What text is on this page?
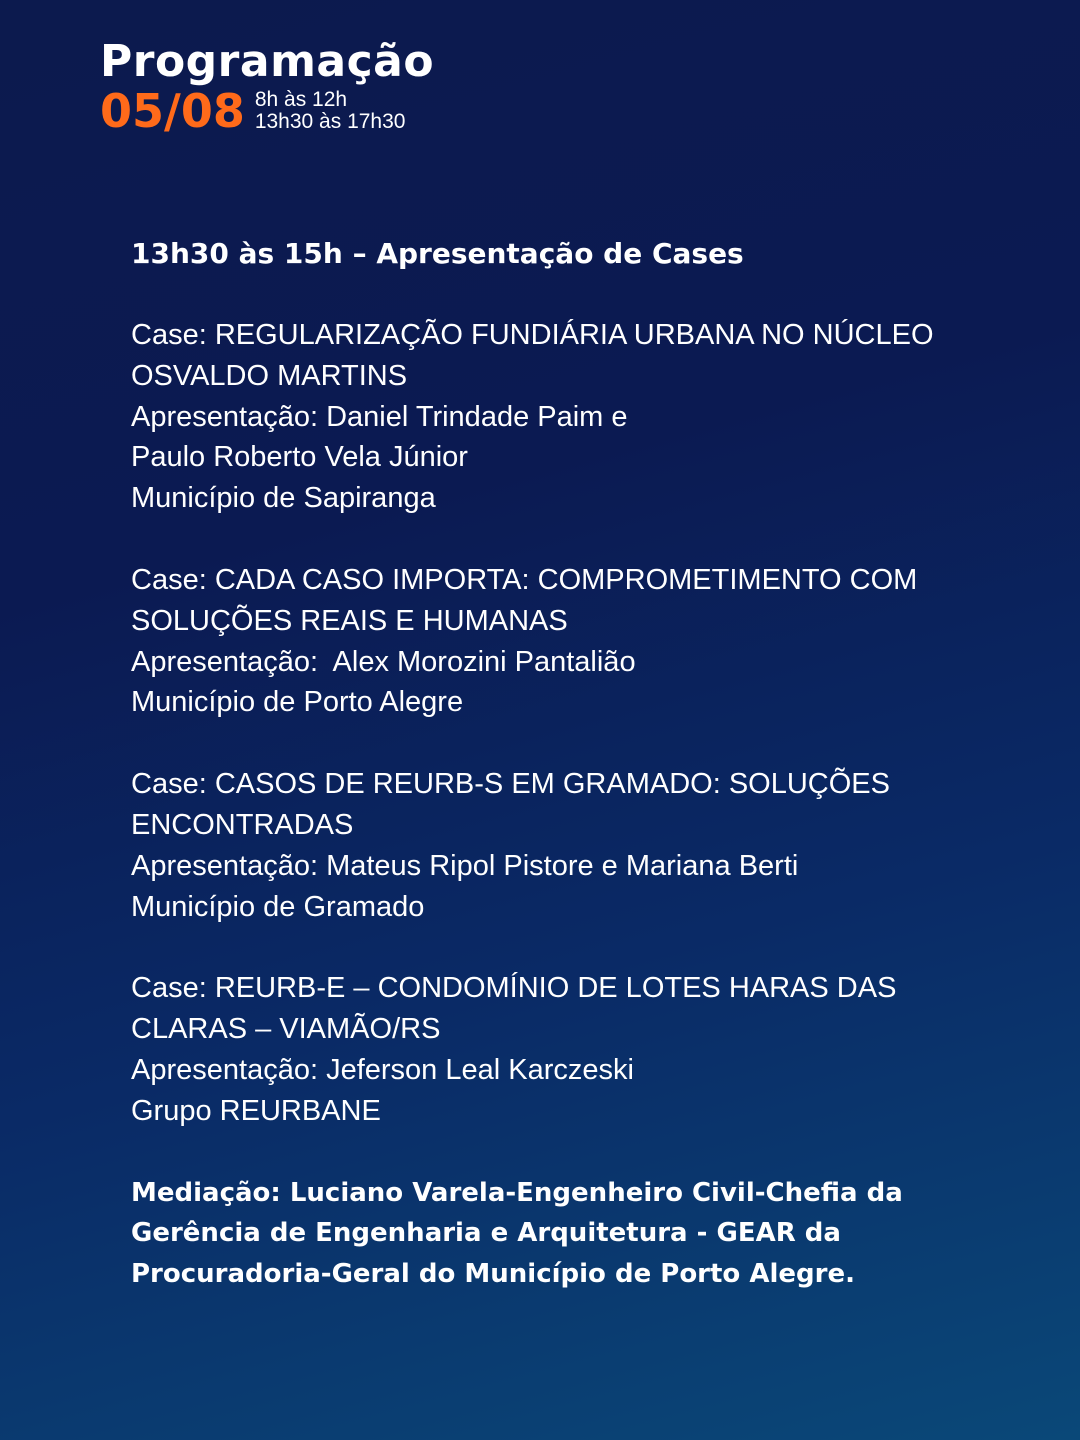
Programação
05/08 8h às 12h
13h30 às 17h30
13h30 às 15h – Apresentação de Cases
Case: REGULARIZAÇÃO FUNDIÁRIA URBANA NO NÚCLEO
OSVALDO MARTINS
Apresentação: Daniel Trindade Paim e
Paulo Roberto Vela Júnior
Município de Sapiranga
Case: CADA CASO IMPORTA: COMPROMETIMENTO COM
SOLUÇÕES REAIS E HUMANAS
Apresentação:  Alex Morozini Pantalião
Município de Porto Alegre
Case: CASOS DE REURB-S EM GRAMADO: SOLUÇÕES
ENCONTRADAS
Apresentação: Mateus Ripol Pistore e Mariana Berti
Município de Gramado
Case: REURB-E – CONDOMÍNIO DE LOTES HARAS DAS
CLARAS – VIAMÃO/RS
Apresentação: Jeferson Leal Karczeski
Grupo REURBANE
Mediação: Luciano Varela-Engenheiro Civil-Chefia da
Gerência de Engenharia e Arquitetura - GEAR da
Procuradoria-Geral do Município de Porto Alegre.
